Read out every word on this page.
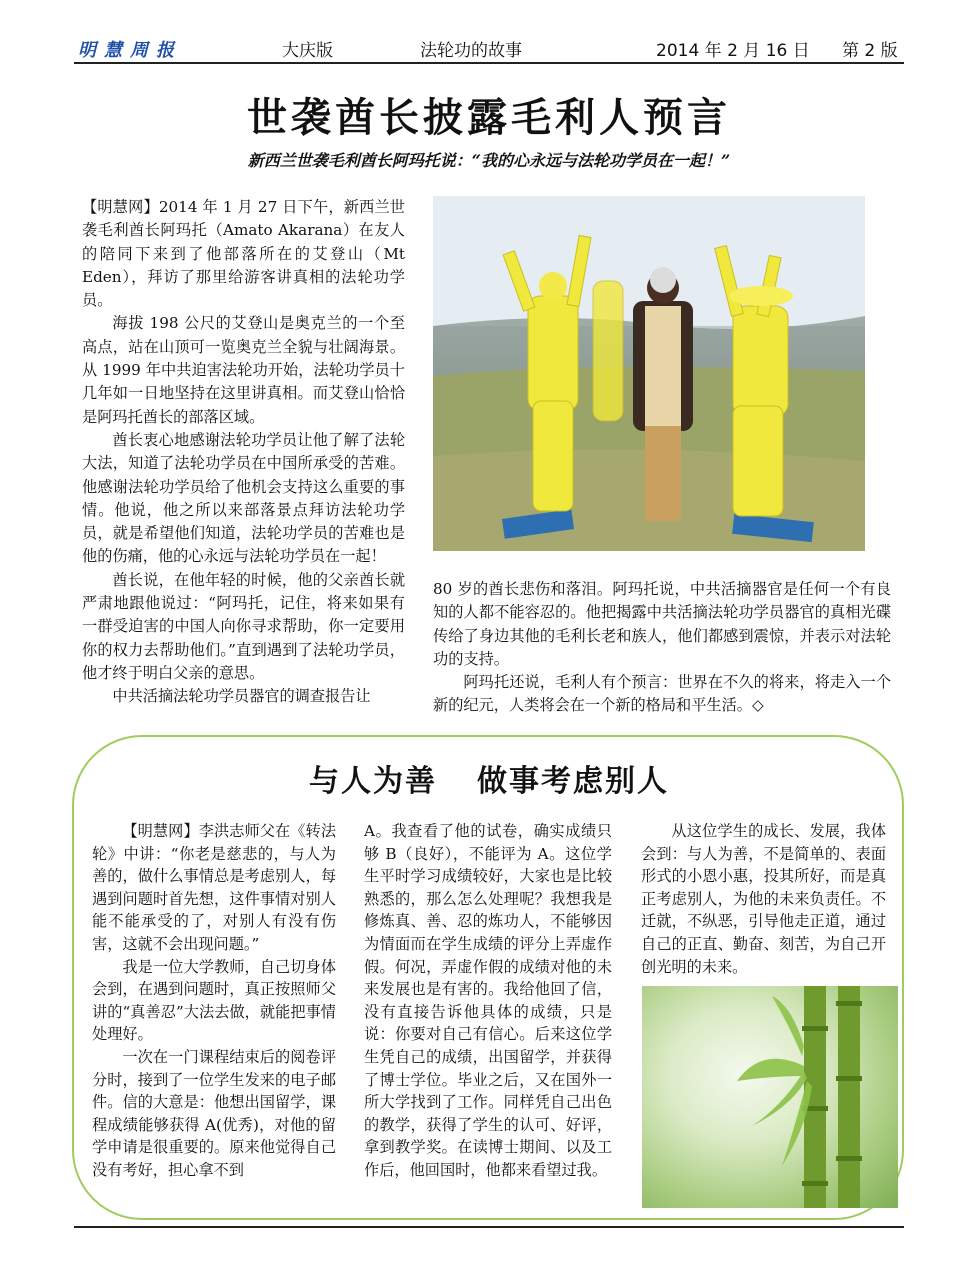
明慧周报	大庆版	法轮功的故事	2014 年 2 月 16 日 第 2 版
世袭酋长披露毛利人预言
新西兰世袭毛利酋长阿玛托说：“我的心永远与法轮功学员在一起！”

【明慧网】2014 年 1 月 27 日下午，新西兰世袭毛利酋长阿玛托（Amato Akarana）在友人的陪同下来到了他部落所在的艾登山（Mt Eden），拜访了那里给游客讲真相的法轮功学员。

海拔 198 公尺的艾登山是奥克兰的一个至高点，站在山顶可一览奥克兰全貌与壮阔海景。从 1999 年中共迫害法轮功开始，法轮功学员十几年如一日地坚持在这里讲真相。而艾登山恰恰是阿玛托酋长的部落区域。

酋长衷心地感谢法轮功学员让他了解了法轮大法，知道了法轮功学员在中国所承受的苦难。他感谢法轮功学员给了他机会支持这么重要的事情。他说，他之所以来部落景点拜访法轮功学员，就是希望他们知道，法轮功学员的苦难也是他的伤痛，他的心永远与法轮功学员在一起！

酋长说，在他年轻的时候，他的父亲酋长就严肃地跟他说过：“阿玛托，记住，将来如果有一群受迫害的中国人向你寻求帮助，你一定要用你的权力去帮助他们。”直到遇到了法轮功学员，他才终于明白父亲的意思。

中共活摘法轮功学员器官的调查报告让

80 岁的酋长悲伤和落泪。阿玛托说，中共活摘器官是任何一个有良知的人都不能容忍的。他把揭露中共活摘法轮功学员器官的真相光碟传给了身边其他的毛利长老和族人，他们都感到震惊，并表示对法轮功的支持。

阿玛托还说，毛利人有个预言：世界在不久的将来，将走入一个新的纪元，人类将会在一个新的格局和平生活。◇

与人为善 做事考虑别人

【明慧网】李洪志师父在《转法轮》中讲：“你老是慈悲的，与人为善的，做什么事情总是考虑别人，每遇到问题时首先想，这件事情对别人能不能承受的了，对别人有没有伤害，这就不会出现问题。”

我是一位大学教师，自己切身体会到，在遇到问题时，真正按照师父讲的“真善忍”大法去做，就能把事情处理好。

一次在一门课程结束后的阅卷评分时，接到了一位学生发来的电子邮件。信的大意是：他想出国留学，课程成绩能够获得 A(优秀)，对他的留学申请是很重要的。原来他觉得自己没有考好，担心拿不到

A。我查看了他的试卷，确实成绩只够 B（良好），不能评为 A。这位学生平时学习成绩较好，大家也是比较熟悉的，那么怎么处理呢？我想我是修炼真、善、忍的炼功人，不能够因为情面而在学生成绩的评分上弄虚作假。何况，弄虚作假的成绩对他的未来发展也是有害的。我给他回了信，没有直接告诉他具体的成绩，只是说：你要对自己有信心。后来这位学生凭自己的成绩，出国留学，并获得了博士学位。毕业之后，又在国外一所大学找到了工作。同样凭自己出色的教学，获得了学生的认可、好评，拿到教学奖。在读博士期间、以及工作后，他回国时，他都来看望过我。

从这位学生的成长、发展，我体会到：与人为善，不是简单的、表面形式的小恩小惠，投其所好，而是真正考虑别人，为他的未来负责任。不迁就，不纵恶，引导他走正道，通过自己的正直、勤奋、刻苦，为自己开创光明的未来。
